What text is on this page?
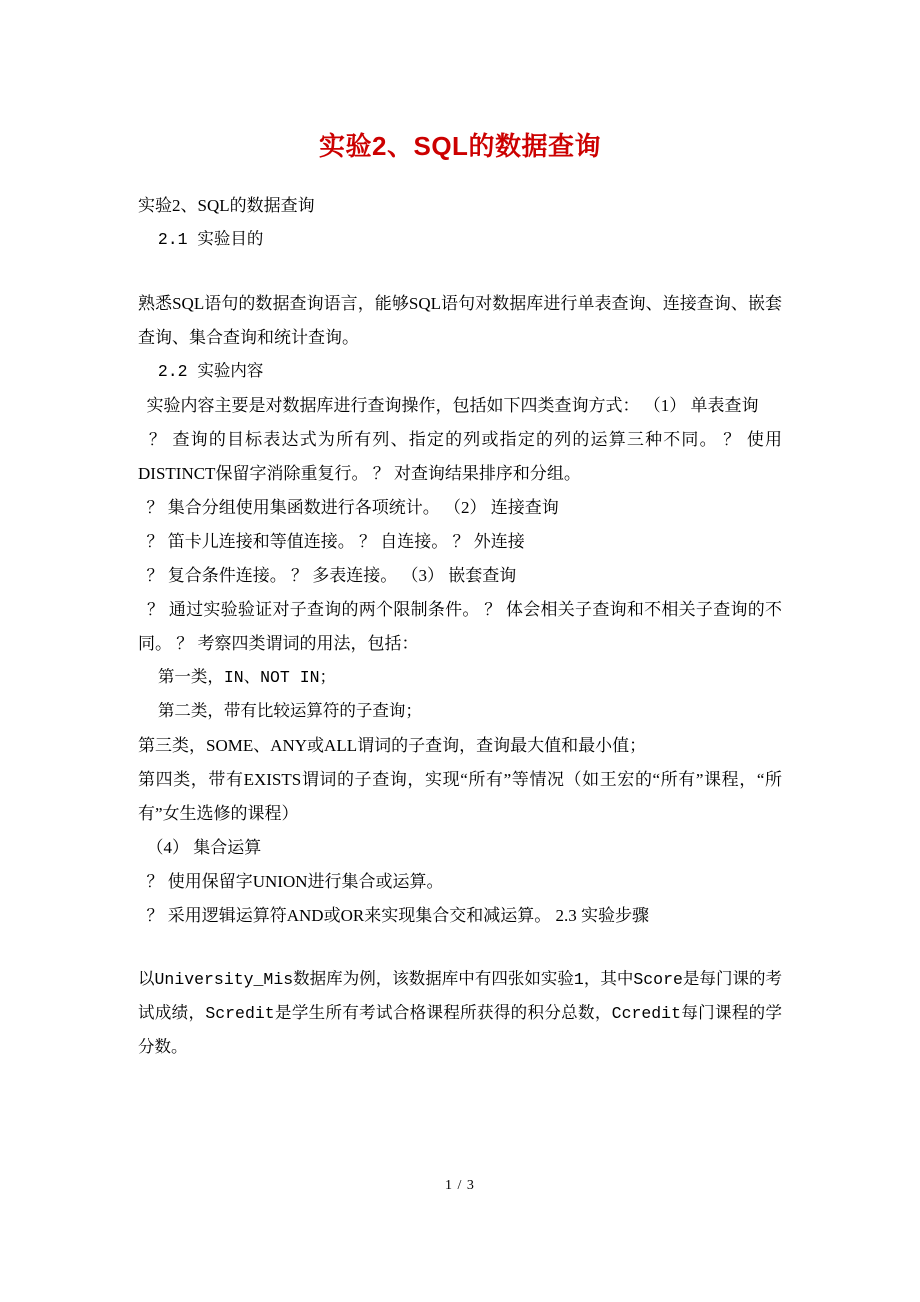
实验2、SQL的数据查询

实验2、SQL的数据查询

2.1 实验目的

熟悉SQL语句的数据查询语言，能够SQL语句对数据库进行单表查询、连接查询、嵌套查询、集合查询和统计查询。

2.2 实验内容

实验内容主要是对数据库进行查询操作，包括如下四类查询方式： （1） 单表查询

？ 查询的目标表达式为所有列、指定的列或指定的列的运算三种不同。 ？ 使用DISTINCT保留字消除重复行。 ？ 对查询结果排序和分组。

？ 集合分组使用集函数进行各项统计。 （2） 连接查询

？ 笛卡儿连接和等值连接。 ？ 自连接。 ？ 外连接

？ 复合条件连接。 ？ 多表连接。 （3） 嵌套查询

？ 通过实验验证对子查询的两个限制条件。 ？ 体会相关子查询和不相关子查询的不同。 ？ 考察四类谓词的用法，包括：

第一类，IN、NOT IN；

第二类，带有比较运算符的子查询；

第三类，SOME、ANY或ALL谓词的子查询，查询最大值和最小值；

第四类，带有EXISTS谓词的子查询，实现“所有”等情况（如王宏的“所有”课程，“所有”女生选修的课程）

（4） 集合运算

？ 使用保留字UNION进行集合或运算。

？ 采用逻辑运算符AND或OR来实现集合交和减运算。 2.3 实验步骤

以University_Mis数据库为例，该数据库中有四张如实验1，其中Score是每门课的考试成绩，Scredit是学生所有考试合格课程所获得的积分总数，Ccredit每门课程的学分数。

1 / 3
